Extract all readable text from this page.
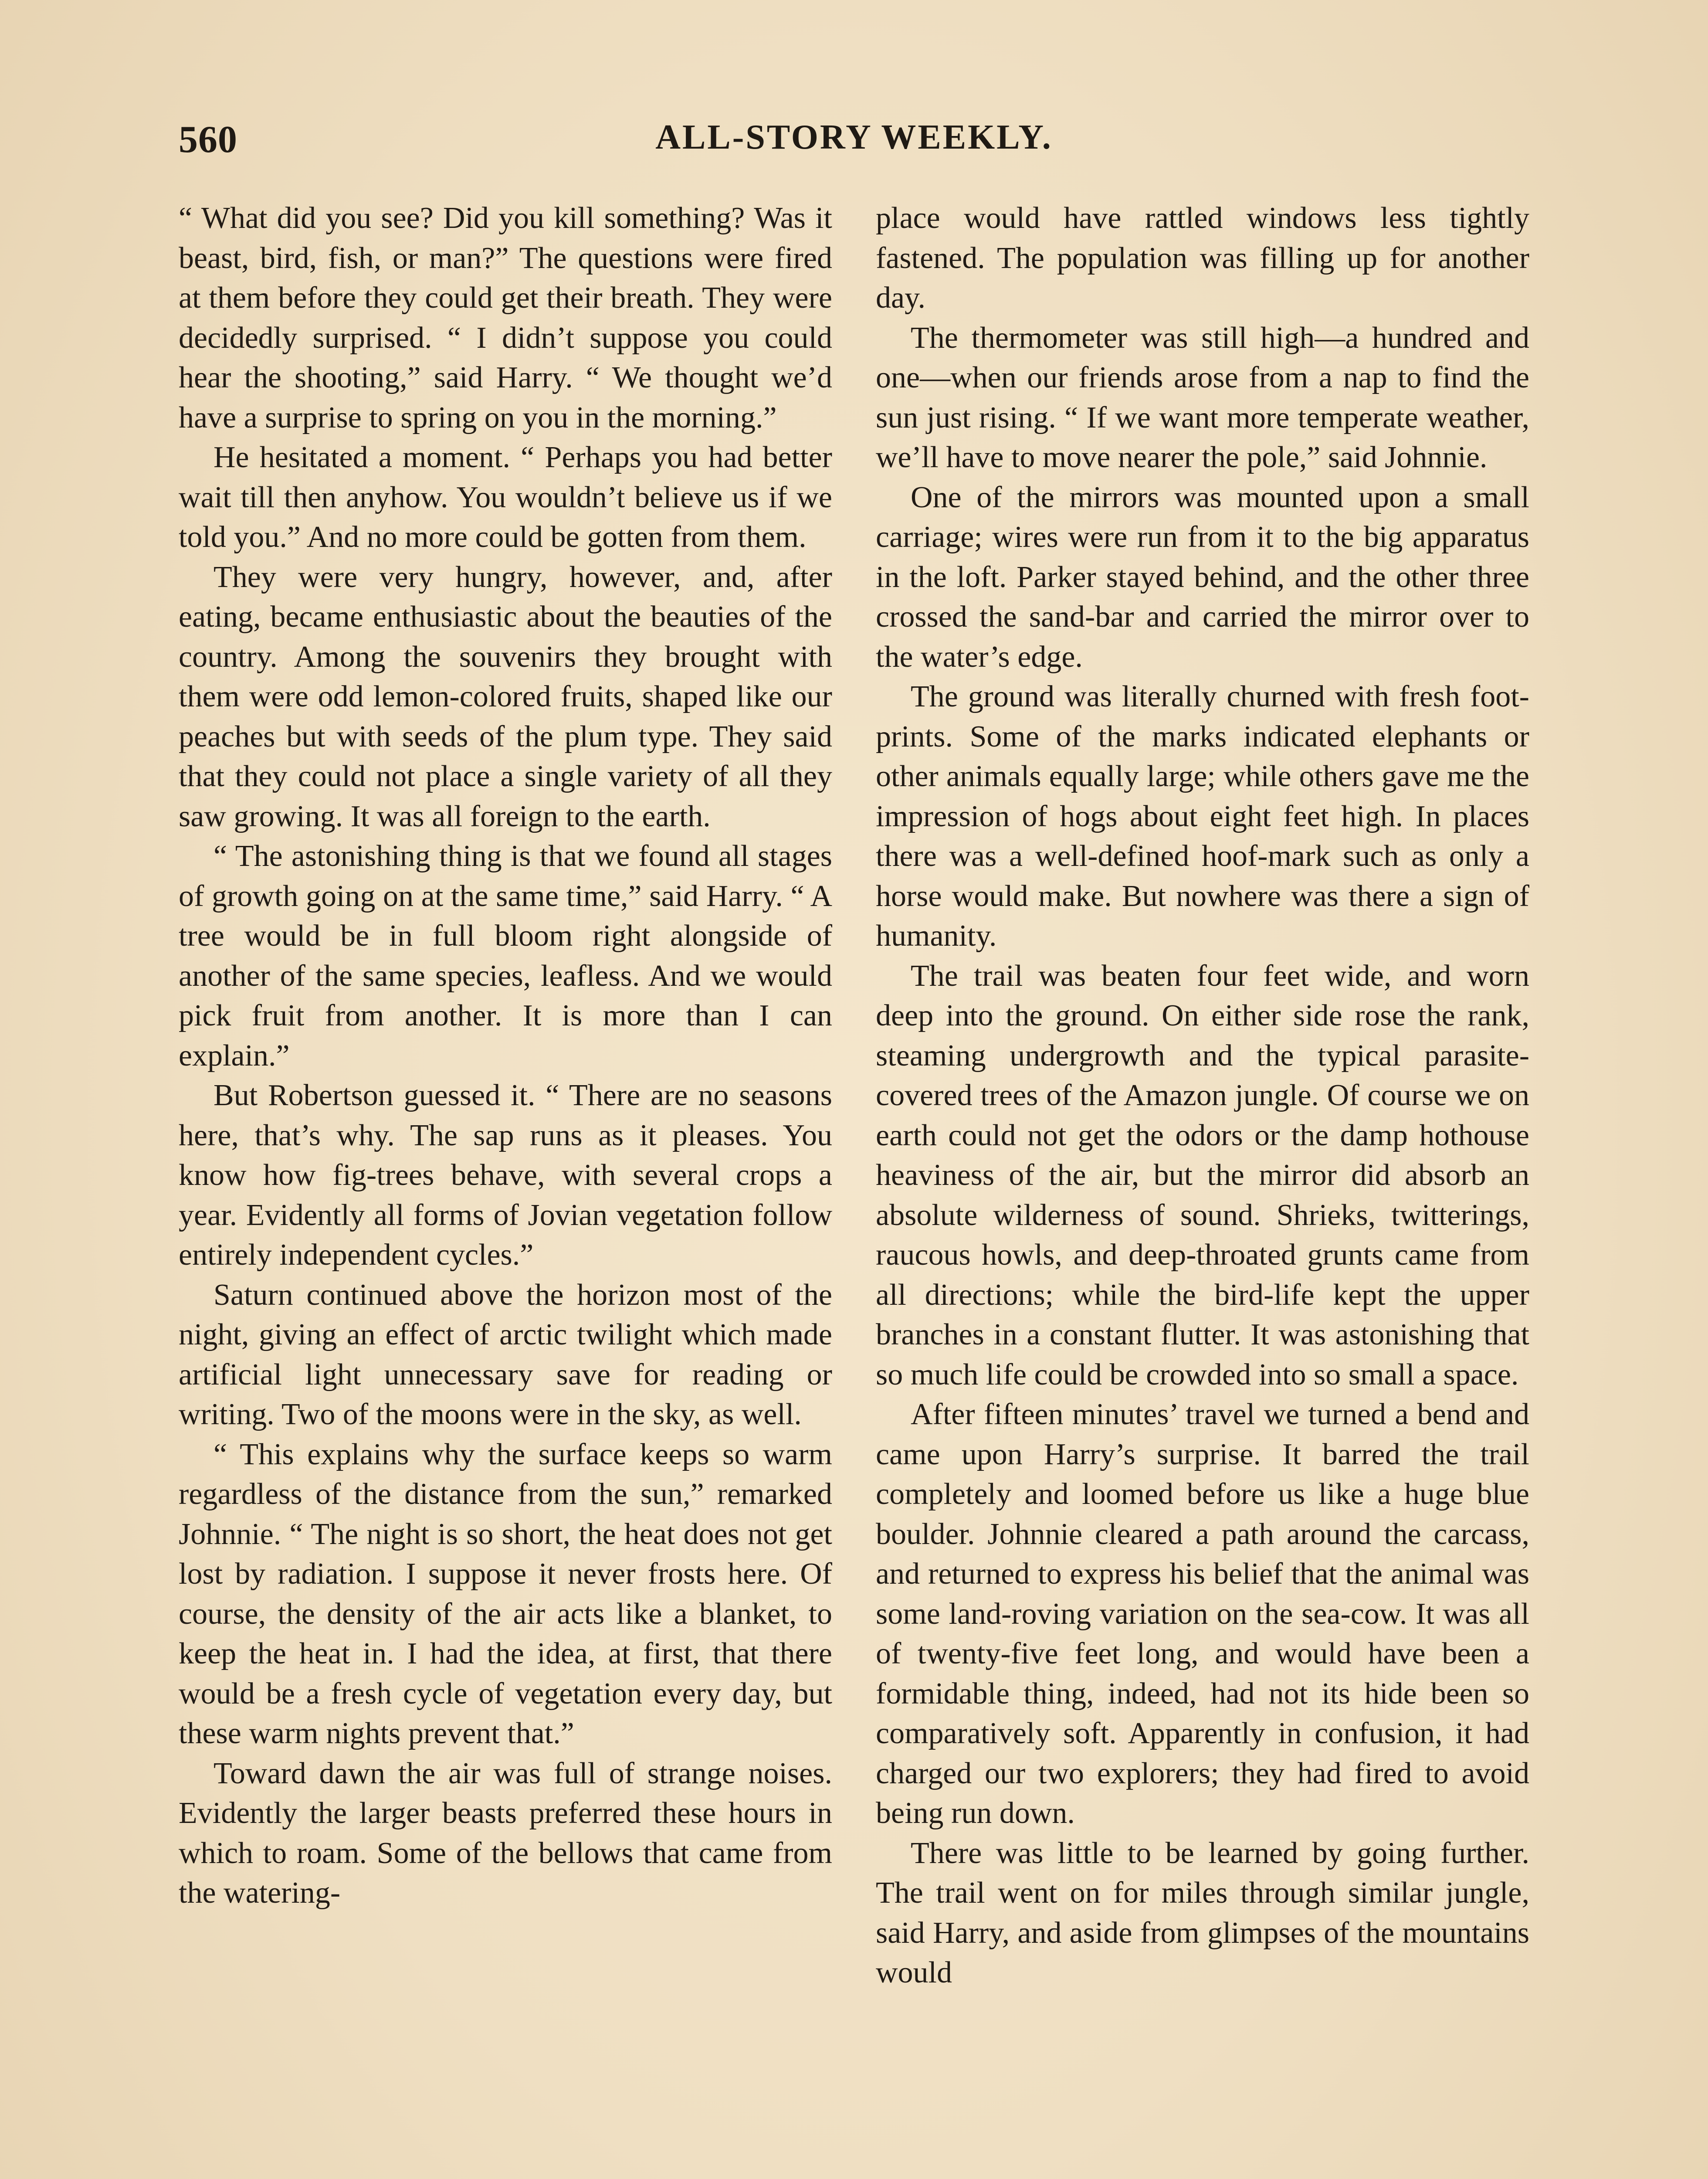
560	ALL-STORY WEEKLY.

“ What did you see? Did you kill something? Was it beast, bird, fish, or man?” The questions were fired at them before they could get their breath. They were decidedly surprised. “ I didn’t suppose you could hear the shooting,” said Harry. “ We thought we’d have a surprise to spring on you in the morning.”

He hesitated a moment. “ Perhaps you had better wait till then anyhow. You wouldn’t believe us if we told you.” And no more could be gotten from them.

They were very hungry, however, and, after eating, became enthusiastic about the beauties of the country. Among the souvenirs they brought with them were odd lemon-colored fruits, shaped like our peaches but with seeds of the plum type. They said that they could not place a single variety of all they saw growing. It was all foreign to the earth.

“ The astonishing thing is that we found all stages of growth going on at the same time,” said Harry. “ A tree would be in full bloom right alongside of another of the same species, leafless. And we would pick fruit from another. It is more than I can explain.”

But Robertson guessed it. “ There are no seasons here, that’s why. The sap runs as it pleases. You know how fig-trees behave, with several crops a year. Evidently all forms of Jovian vegetation follow entirely independent cycles.”

Saturn continued above the horizon most of the night, giving an effect of arctic twilight which made artificial light unnecessary save for reading or writing. Two of the moons were in the sky, as well.

“ This explains why the surface keeps so warm regardless of the distance from the sun,” remarked Johnnie. “ The night is so short, the heat does not get lost by radiation. I suppose it never frosts here. Of course, the density of the air acts like a blanket, to keep the heat in. I had the idea, at first, that there would be a fresh cycle of vegetation every day, but these warm nights prevent that.”

Toward dawn the air was full of strange noises. Evidently the larger beasts preferred these hours in which to roam. Some of the bellows that came from the watering-

place would have rattled windows less tightly fastened. The population was filling up for another day.

The thermometer was still high—a hundred and one—when our friends arose from a nap to find the sun just rising. “ If we want more temperate weather, we’ll have to move nearer the pole,” said Johnnie.

One of the mirrors was mounted upon a small carriage; wires were run from it to the big apparatus in the loft. Parker stayed behind, and the other three crossed the sand-bar and carried the mirror over to the water’s edge.

The ground was literally churned with fresh foot-prints. Some of the marks indicated elephants or other animals equally large; while others gave me the impression of hogs about eight feet high. In places there was a well-defined hoof-mark such as only a horse would make. But nowhere was there a sign of humanity.

The trail was beaten four feet wide, and worn deep into the ground. On either side rose the rank, steaming undergrowth and the typical parasite-covered trees of the Amazon jungle. Of course we on earth could not get the odors or the damp hothouse heaviness of the air, but the mirror did absorb an absolute wilderness of sound. Shrieks, twitterings, raucous howls, and deep-throated grunts came from all directions; while the bird-life kept the upper branches in a constant flutter. It was astonishing that so much life could be crowded into so small a space.

After fifteen minutes’ travel we turned a bend and came upon Harry’s surprise. It barred the trail completely and loomed before us like a huge blue boulder. Johnnie cleared a path around the carcass, and returned to express his belief that the animal was some land-roving variation on the sea-cow. It was all of twenty-five feet long, and would have been a formidable thing, indeed, had not its hide been so comparatively soft. Apparently in confusion, it had charged our two explorers; they had fired to avoid being run down.

There was little to be learned by going further. The trail went on for miles through similar jungle, said Harry, and aside from glimpses of the mountains would
